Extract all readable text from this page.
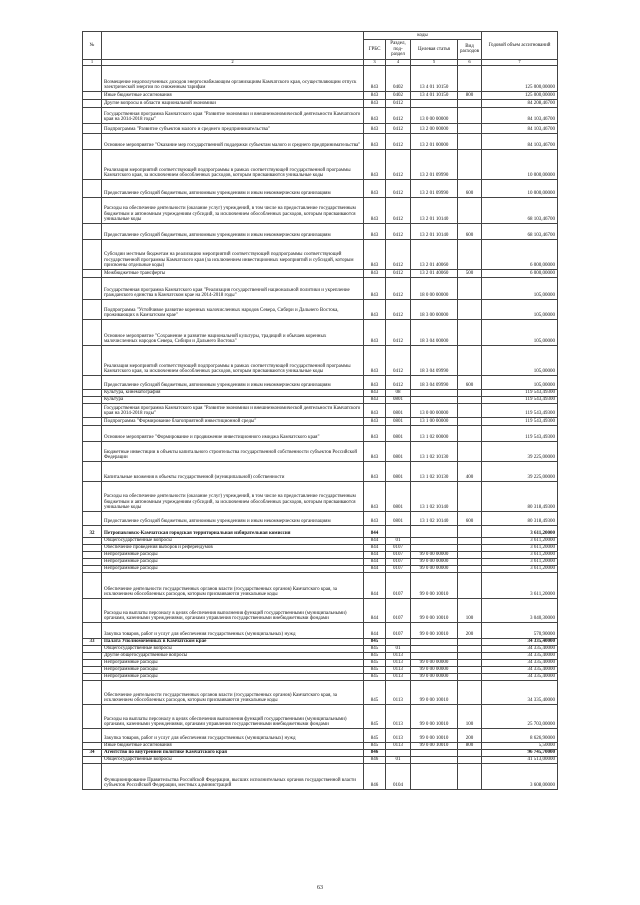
№		коды				Годовой объем ассигнований
		ГРБС	Раздел, под-раздел	Целевая статья	Вид расходов	
1	2	3	4	5	6	7
	Возмещение недополученных доходов энергоснабжающим организациям Камчатского края, осуществляющим отпуск электрической энергии по сниженным тарифам	843	0402	13 4 01 10150		125 000,00000
	Иные бюджетные ассигнования	843	0402	13 4 01 10150	800	125 000,00000
	Другие вопросы в области национальной экономики	843	0412			84 208,46700
	Государственная программа Камчатского края "Развитие экономики и внешнеэкономической деятельности Камчатского края на 2014-2018 годы"	843	0412	13 0 00 00000		84 103,46700
	Подпрограмма "Развитие субъектов малого и среднего предпринимательства"	843	0412	13 2 00 00000		84 103,46700
	Основное мероприятие "Оказание мер государственной поддержки субъектам малого и среднего предпринимательства"	843	0412	13 2 01 00000		84 103,46700
	Реализация мероприятий соответствующей подпрограммы в рамках соответствующей государственной программы Камчатского края, за исключением обособленных расходов, которым присваиваются уникальные коды	843	0412	13 2 01 09990		10 000,00000
	Предоставление субсидий бюджетным, автономным учреждениям и иным некоммерческим организациям	843	0412	13 2 01 09990	600	10 000,00000
	Расходы на обеспечение деятельности (оказание услуг) учреждений, в том числе на предоставление государственным бюджетным и автономным учреждениям субсидий, за исключением обособленных расходов, которым присваиваются уникальные коды	843	0412	13 2 01 10140		68 103,46700
	Предоставление субсидий бюджетным, автономным учреждениям и иным некоммерческим организациям	843	0412	13 2 01 10140	600	68 103,46700
	Субсидии местным бюджетам на реализацию мероприятий соответствующей подпрограммы соответствующей государственной программы Камчатского края (за исключением инвестиционных мероприятий и субсидий, которым присвоены отдельные коды)	843	0412	13 2 01 40060		6 000,00000
	Межбюджетные трансферты	843	0412	13 2 01 40060	500	6 000,00000
	Государственная программа Камчатского края "Реализация государственной национальной политики и укрепление гражданского единства в Камчатском крае на 2014-2018 годы"	843	0412	18 0 00 00000		105,00000
	Подпрограмма "Устойчивое развитие коренных малочисленных народов Севера, Сибири и Дальнего Востока, проживающих в Камчатском крае"	843	0412	18 3 00 00000		105,00000
	Основное мероприятие "Сохранение и развитие национальной культуры, традиций и обычаев коренных малочисленных народов Севера, Сибири и Дальнего Востока"	843	0412	18 3 04 00000		105,00000
	Реализация мероприятий соответствующей подпрограммы в рамках соответствующей государственной программы Камчатского края, за исключением обособленных расходов, которым присваиваются уникальные коды	843	0412	18 3 04 09990		105,00000
	Предоставление субсидий бюджетным, автономным учреждениям и иным некоммерческим организациям	843	0412	18 3 04 09990	600	105,00000
	Культура, кинематография	843	08			119 543,49300
	Культура	843	0801			119 543,49300
	Государственная программа Камчатского края "Развитие экономики и внешнеэкономической деятельности Камчатского края на 2014-2018 годы"	843	0801	13 0 00 00000		119 543,49300
	Подпрограмма "Формирование благоприятной инвестиционной среды"	843	0801	13 1 00 00000		119 543,49300
	Основное мероприятие "Формирование и продвижение инвестиционного имиджа Камчатского края"	843	0801	13 1 02 00000		119 543,49300
	Бюджетные инвестиции в объекты капитального строительства государственной собственности субъектов Российской Федерации	843	0801	13 1 02 10130		39 225,00000
	Капитальные вложения в объекты государственной (муниципальной) собственности	843	0801	13 1 02 10130	400	39 225,00000
	Расходы на обеспечение деятельности (оказание услуг) учреждений, в том числе на предоставление государственным бюджетным и автономным учреждениям субсидий, за исключением обособленных расходов, которым присваиваются уникальные коды	843	0801	13 1 02 10140		80 318,49300
	Предоставление субсидий бюджетным, автономным учреждениям и иным некоммерческим организациям	843	0801	13 1 02 10140	600	80 318,49300
32	Петропавловск-Камчатская городская территориальная избирательная комиссия	844				3 611,20000
	Общегосударственные вопросы	844	01			3 611,20000
	Обеспечение проведения выборов и референдумов	844	0107			3 611,20000
	Непрограммные расходы	844	0107	99 0 00 00000		3 611,20000
	Непрограммные расходы	844	0107	99 0 00 00000		3 611,20000
	Непрограммные расходы	844	0107	99 0 00 00000		3 611,20000
	Обеспечение деятельности государственных органов власти (государственных органов) Камчатского края, за исключением обособленных расходов, которым присваиваются уникальные коды	844	0107	99 0 00 10010		3 611,20000
	Расходы на выплаты персоналу в целях обеспечения выполнения функций государственными (муниципальными) органами, казенными учреждениями, органами управления государственными внебюджетными фондами	844	0107	99 0 00 10010	100	3 040,30000
	Закупка товаров, работ и услуг для обеспечения государственных (муниципальных) нужд	844	0107	99 0 00 10010	200	570,90000
33	Палата Уполномоченных в Камчатском крае	845				34 335,40000
	Общегосударственные вопросы	845	01			34 335,40000
	Другие общегосударственные вопросы	845	0113			34 335,40000
	Непрограммные расходы	845	0113	99 0 00 00000		34 335,40000
	Непрограммные расходы	845	0113	99 0 00 00000		34 335,40000
	Непрограммные расходы	845	0113	99 0 00 00000		34 335,40000
	Обеспечение деятельности государственных органов власти (государственных органов) Камчатского края, за исключением обособленных расходов, которым присваиваются уникальные коды	845	0113	99 0 00 10010		34 335,40000
	Расходы на выплаты персоналу в целях обеспечения выполнения функций государственными (муниципальными) органами, казенными учреждениями, органами управления государственными внебюджетными фондами	845	0113	99 0 00 10010	100	25 703,00000
	Закупка товаров, работ и услуг для обеспечения государственных (муниципальных) нужд	845	0113	99 0 00 10010	200	8 626,90000
	Иные бюджетные ассигнования	845	0113	99 0 00 10010	800	5,50000
34	Агентство по внутренней политике Камчатского края	846				96 745,70000
	Общегосударственные вопросы	846	01			41 513,00000
	Функционирование Правительства Российской Федерации, высших исполнительных органов государственной власти субъектов Российской Федерации, местных администраций	846	0104			3 608,00000
63
